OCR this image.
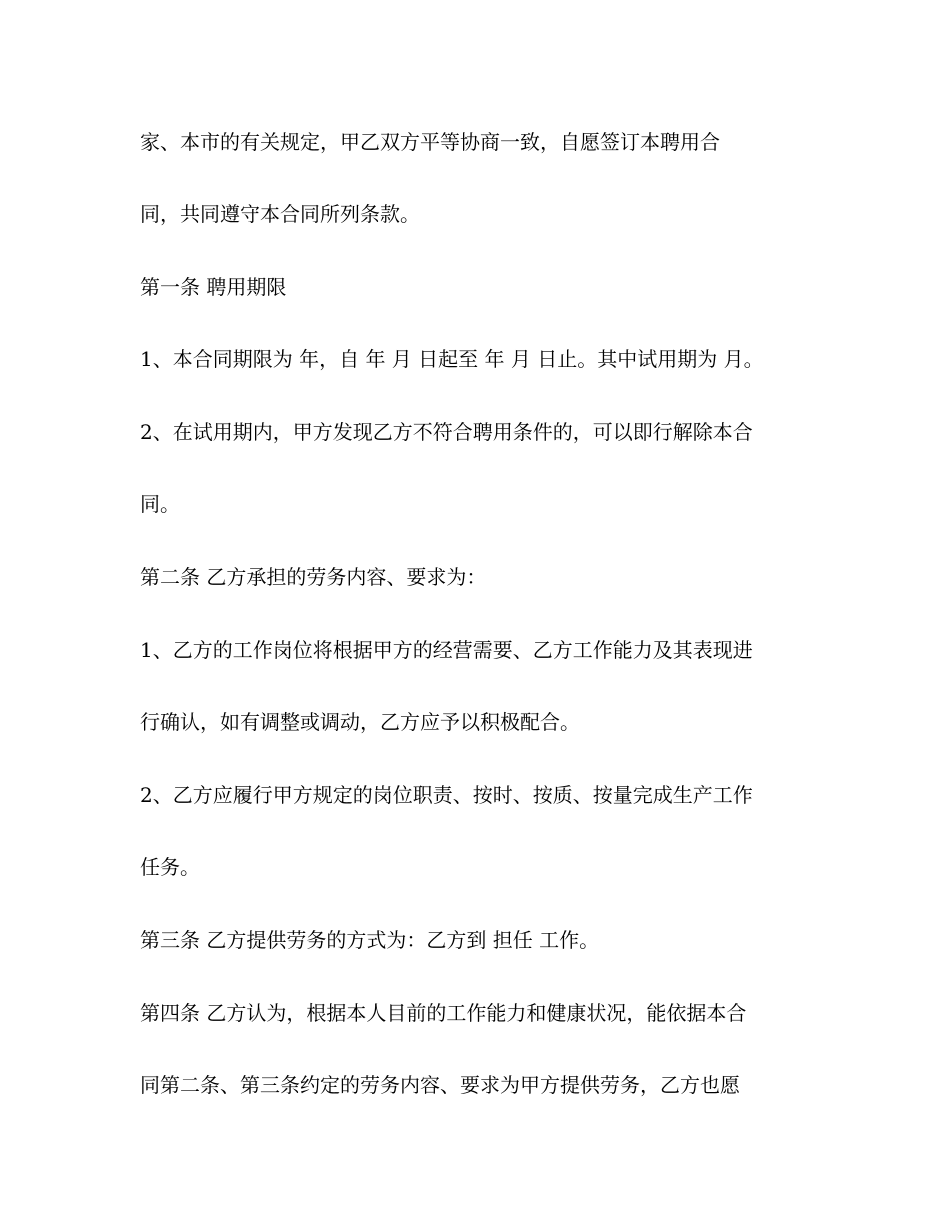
家、本市的有关规定，甲乙双方平等协商一致，自愿签订本聘用合
同，共同遵守本合同所列条款。
第一条 聘用期限
1、本合同期限为 年，自 年 月 日起至 年 月 日止。其中试用期为 月。
2、在试用期内，甲方发现乙方不符合聘用条件的，可以即行解除本合
同。
第二条 乙方承担的劳务内容、要求为：
1、乙方的工作岗位将根据甲方的经营需要、乙方工作能力及其表现进
行确认，如有调整或调动，乙方应予以积极配合。
2、乙方应履行甲方规定的岗位职责、按时、按质、按量完成生产工作
任务。
第三条 乙方提供劳务的方式为：乙方到 担任 工作。
第四条 乙方认为，根据本人目前的工作能力和健康状况，能依据本合
同第二条、第三条约定的劳务内容、要求为甲方提供劳务，乙方也愿
